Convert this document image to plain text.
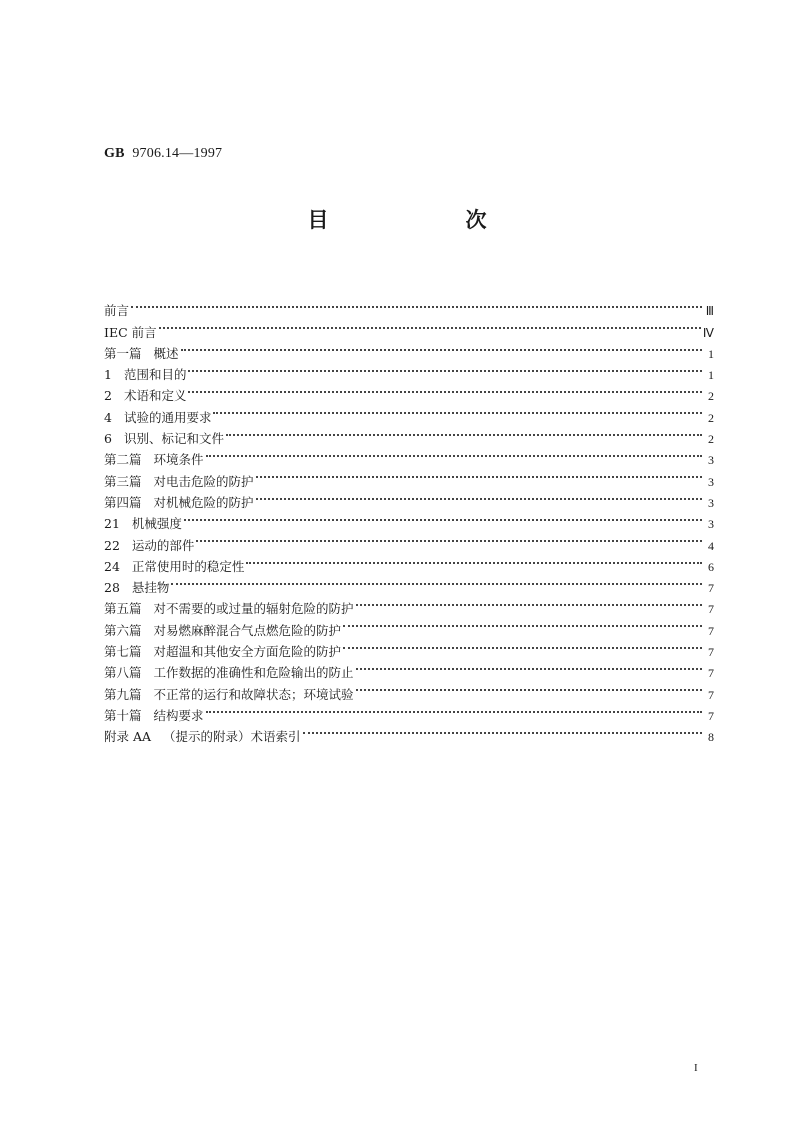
GB 9706.14—1997
目　次
前言	Ⅲ
IEC 前言	Ⅳ
第一篇 概述	1
1 范围和目的	1
2 术语和定义	2
4 试验的通用要求	2
6 识别、标记和文件	2
第二篇 环境条件	3
第三篇 对电击危险的防护	3
第四篇 对机械危险的防护	3
21 机械强度	3
22 运动的部件	4
24 正常使用时的稳定性	6
28 悬挂物	7
第五篇 对不需要的或过量的辐射危险的防护	7
第六篇 对易燃麻醉混合气点燃危险的防护	7
第七篇 对超温和其他安全方面危险的防护	7
第八篇 工作数据的准确性和危险输出的防止	7
第九篇 不正常的运行和故障状态；环境试验	7
第十篇 结构要求	7
附录 AA （提示的附录）术语索引	8
I
